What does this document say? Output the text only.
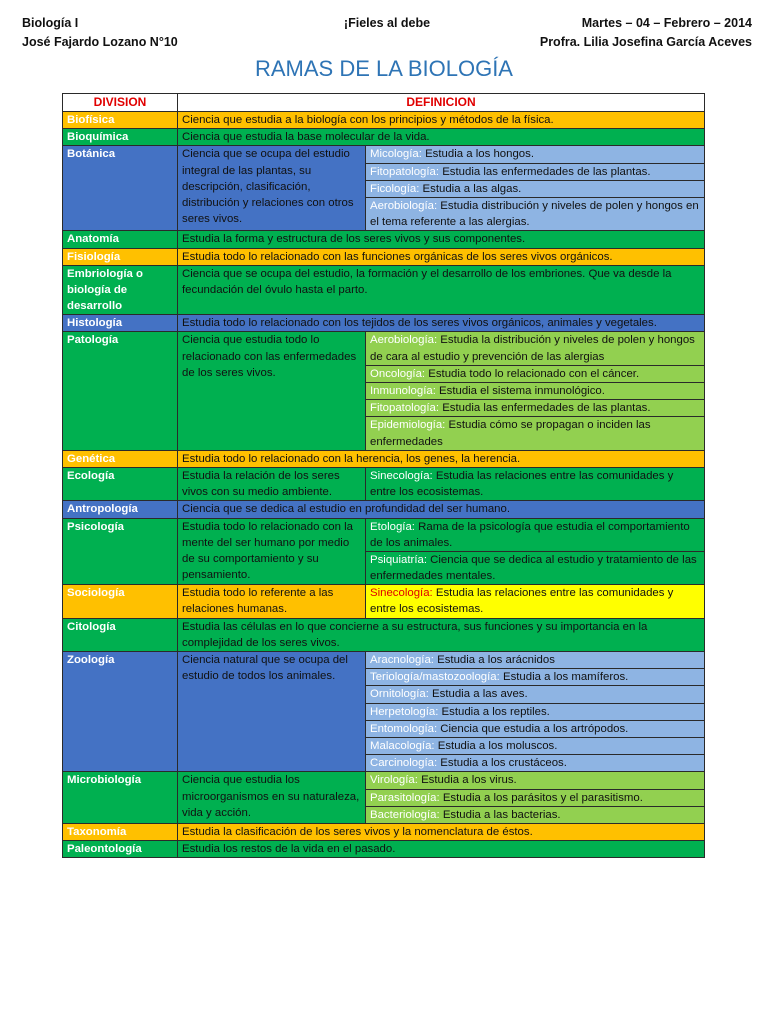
¡Fieles al debe
Biología I	Martes – 04 – Febrero – 2014
José Fajardo Lozano N°10	Profra. Lilia Josefina García Aceves
RAMAS DE LA BIOLOGÍA
DIVISION	DEFINICION	
Biofísica	Ciencia que estudia a la biología con los principios y métodos de la física.	
Bioquímica	Ciencia que estudia la base molecular de la vida.	
Botánica	Ciencia que se ocupa del estudio integral de las plantas, su descripción, clasificación, distribución y relaciones con otros seres vivos.	Micología: Estudia a los hongos.
		Fitopatología: Estudia las enfermedades de las plantas.
		Ficología: Estudia a las algas.
		Aerobiología: Estudia distribución y niveles de polen y hongos en el tema referente a las alergias.
Anatomía	Estudia la forma y estructura de los seres vivos y sus componentes.	
Fisiología	Estudia todo lo relacionado con las funciones orgánicas de los seres vivos orgánicos.	
Embriología o biología de desarrollo	Ciencia que se ocupa del estudio, la formación y el desarrollo de los embriones. Que va desde la fecundación del óvulo hasta el parto.	
Histología	Estudia todo lo relacionado con los tejidos de los seres vivos orgánicos, animales y vegetales.	
Patología	Ciencia que estudia todo lo relacionado con las enfermedades de los seres vivos.	Aerobiología: Estudia la distribución y niveles de polen y hongos de cara al estudio y prevención de las alergias
		Oncología: Estudia todo lo relacionado con el cáncer.
		Inmunología: Estudia el sistema inmunológico.
		Fitopatología: Estudia las enfermedades de las plantas.
		Epidemiología: Estudia cómo se propagan o inciden las enfermedades
Genética	Estudia todo lo relacionado con la herencia, los genes, la herencia.	
Ecología	Estudia la relación de los seres vivos con su medio ambiente.	Sinecología: Estudia las relaciones entre las comunidades y entre los ecosistemas.
Antropología	Ciencia que se dedica al estudio en profundidad del ser humano.	
Psicología	Estudia todo lo relacionado con la mente del ser humano por medio de su comportamiento y su pensamiento.	Etología: Rama de la psicología que estudia el comportamiento de los animales.
		Psiquiatría: Ciencia que se dedica al estudio y tratamiento de las enfermedades mentales.
Sociología	Estudia todo lo referente a las relaciones humanas.	Sinecología: Estudia las relaciones entre las comunidades y entre los ecosistemas.
Citología	Estudia las células en lo que concierne a su estructura, sus funciones y su importancia en la complejidad de los seres vivos.	
Zoología	Ciencia natural que se ocupa del estudio de todos los animales.	Aracnología: Estudia a los arácnidos
		Teriología/mastozoología: Estudia a los mamíferos.
		Ornitología: Estudia a las aves.
		Herpetología: Estudia a los reptiles.
		Entomología: Ciencia que estudia a los artrópodos.
		Malacología: Estudia a los moluscos.
		Carcinología: Estudia a los crustáceos.
Microbiología	Ciencia que estudia los microorganismos en su naturaleza, vida y acción.	Virología: Estudia a los virus.
		Parasitología: Estudia a los parásitos y el parasitismo.
		Bacteriología: Estudia a las bacterias.
Taxonomía	Estudia la clasificación de los seres vivos y la nomenclatura de éstos.	
Paleontología	Estudia los restos de la vida en el pasado.	
